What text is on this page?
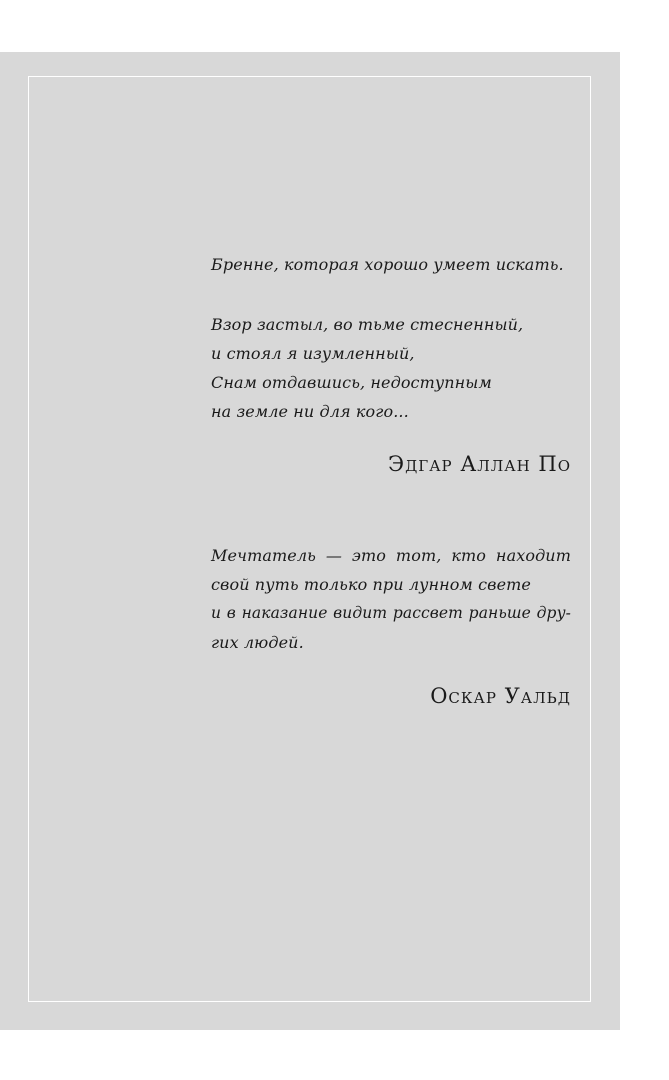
Бренне, которая хорошо умеет искать.
Взор застыл, во тьме стесненный,
и стоял я изумленный,
Снам отдавшись, недоступным
на земле ни для кого...
Эдгар Аллан По
Мечтатель — это тот, кто находит
свой путь только при лунном свете
и в наказание видит рассвет раньше дру-
гих людей.
Оскар Уальд
